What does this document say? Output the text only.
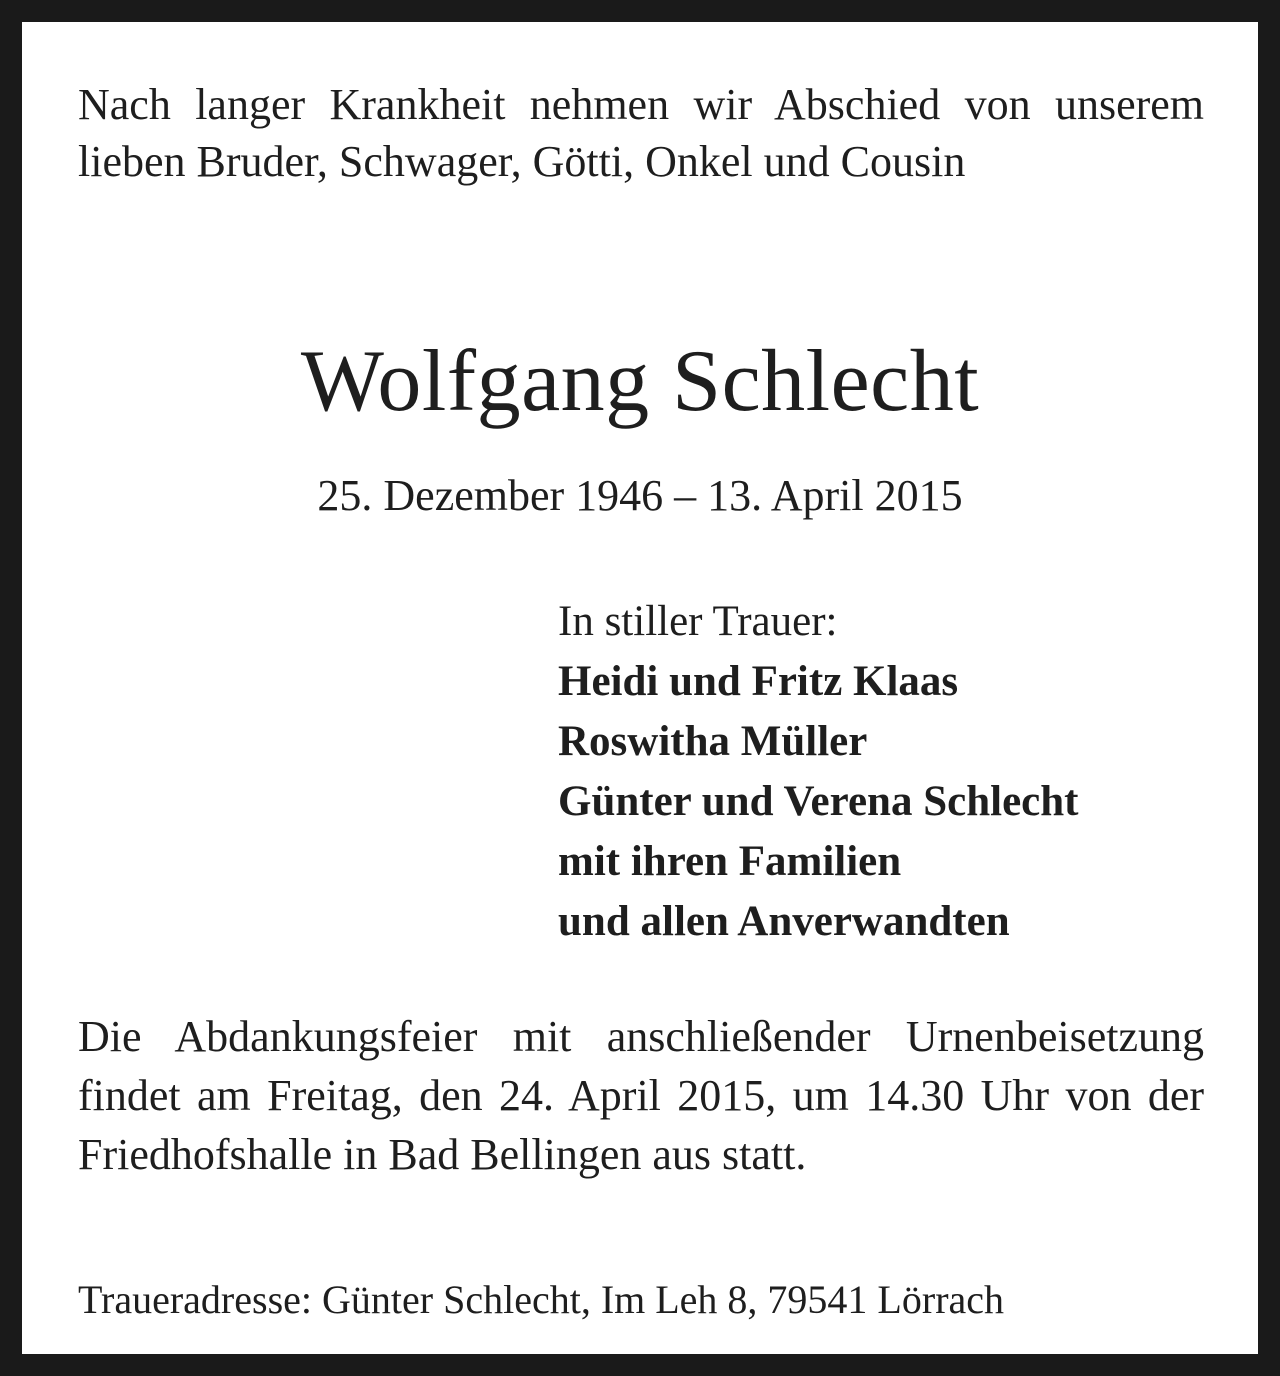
Nach langer Krankheit nehmen wir Abschied von unserem lieben Bruder, Schwager, Götti, Onkel und Cousin
Wolfgang Schlecht
25. Dezember 1946 – 13. April 2015
In stiller Trauer:
Heidi und Fritz Klaas
Roswitha Müller
Günter und Verena Schlecht
mit ihren Familien
und allen Anverwandten
Die Abdankungsfeier mit anschließender Urnenbeisetzung findet am Freitag, den 24. April 2015, um 14.30 Uhr von der Friedhofshalle in Bad Bellingen aus statt.
Traueradresse: Günter Schlecht, Im Leh 8, 79541 Lörrach
